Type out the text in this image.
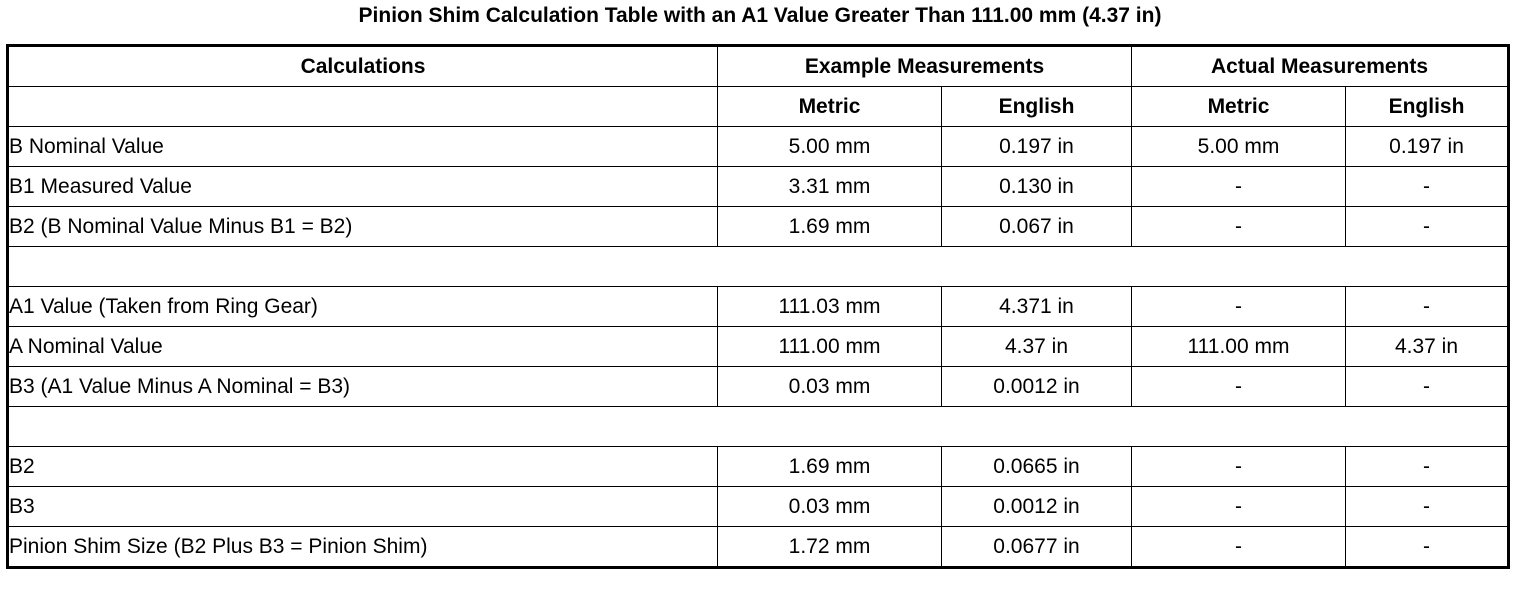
Pinion Shim Calculation Table with an A1 Value Greater Than 111.00 mm (4.37 in)
Calculations	Example Measurements		Actual Measurements	
	Metric	English	Metric	English
B Nominal Value	5.00 mm	0.197 in	5.00 mm	0.197 in
B1 Measured Value	3.31 mm	0.130 in	-	-
B2 (B Nominal Value Minus B1 = B2)	1.69 mm	0.067 in	-	-

A1 Value (Taken from Ring Gear)	111.03 mm	4.371 in	-	-
A Nominal Value	111.00 mm	4.37 in	111.00 mm	4.37 in
B3 (A1 Value Minus A Nominal = B3)	0.03 mm	0.0012 in	-	-

B2	1.69 mm	0.0665 in	-	-
B3	0.03 mm	0.0012 in	-	-
Pinion Shim Size (B2 Plus B3 = Pinion Shim)	1.72 mm	0.0677 in	-	-
